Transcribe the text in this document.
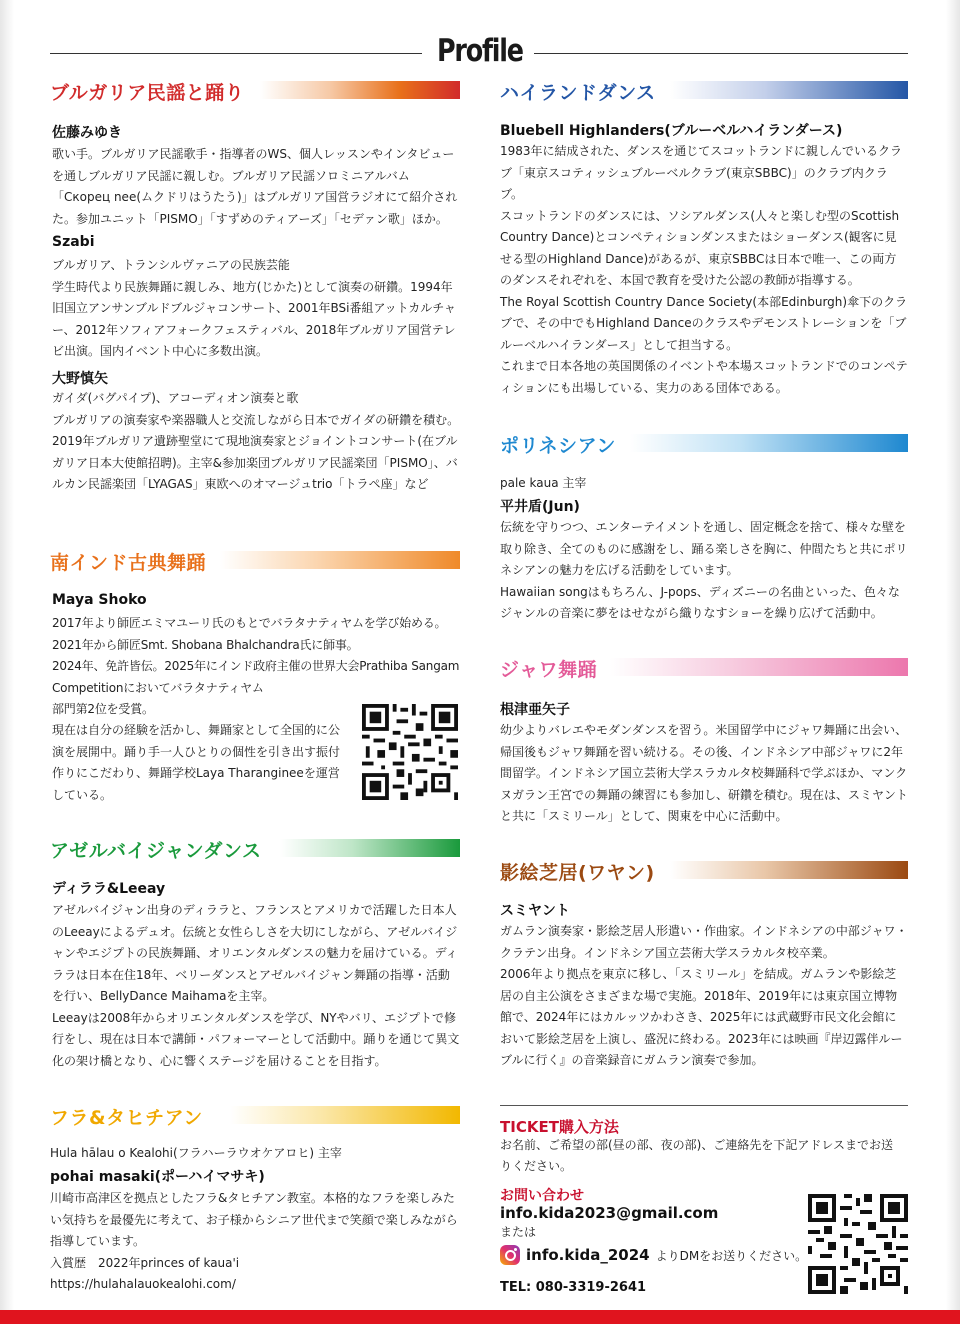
Profile
ブルガリア民謡と踊り
佐藤みゆき
歌い手。ブルガリア民謡歌手・指導者のWS、個人レッスンやインタビューを通しブルガリア民謡に親しむ。ブルガリア民謡ソロミニアルバム「Скорец nee(ムクドリはうたう)」はブルガリア国営ラジオにて紹介された。参加ユニット「PISMO」「すずめのティアーズ」「セデァン歌」ほか。
Szabi
ブルガリア、トランシルヴァニアの民族芸能
学生時代より民族舞踊に親しみ、地方(じかた)として演奏の研鑽。1994年旧国立アンサンブルドブルジャコンサート、2001年BSi番組アットカルチャー、2012年ソフィアフォークフェスティバル、2018年ブルガリア国営テレビ出演。国内イベント中心に多数出演。
大野慎矢
ガイダ(バグパイプ)、アコーディオン演奏と歌
ブルガリアの演奏家や楽器職人と交流しながら日本でガイダの研鑽を積む。2019年ブルガリア遺跡聖堂にて現地演奏家とジョイントコンサート(在ブルガリア日本大使館招聘)。主宰&参加楽団ブルガリア民謡楽団「PISMO」、バルカン民謡楽団「LYAGAS」東欧へのオマージュtrio「トラペ座」など
南インド古典舞踊
Maya Shoko
2017年より師匠エミマユーリ氏のもとでバラタナティヤムを学び始める。
2021年から師匠Smt. Shobana Bhalchandra氏に師事。
2024年、免許皆伝。2025年にインド政府主催の世界大会Prathiba Sangam Competitionにおいてバラタナティヤム
部門第2位を受賞。
現在は自分の経験を活かし、舞踊家として全国的に公演を展開中。踊り手一人ひとりの個性を引き出す振付作りにこだわり、舞踊学校Laya Tharangineeを運営している。
アゼルバイジャンダンス
ディララ&Leeay
アゼルバイジャン出身のディララと、フランスとアメリカで活躍した日本人のLeeayによるデュオ。伝統と女性らしさを大切にしながら、アゼルバイジャンやエジプトの民族舞踊、オリエンタルダンスの魅力を届けている。ディララは日本在住18年、ベリーダンスとアゼルバイジャン舞踊の指導・活動を行い、BellyDance Maihamaを主宰。
Leeayは2008年からオリエンタルダンスを学び、NYやバリ、エジプトで修行をし、現在は日本で講師・パフォーマーとして活動中。踊りを通じて異文化の架け橋となり、心に響くステージを届けることを目指す。
フラ&タヒチアン
Hula hālau o Kealohi(フラハーラウオケアロヒ) 主宰
pohai masaki(ポーハイマサキ)
川崎市高津区を拠点としたフラ&タヒチアン教室。本格的なフラを楽しみたい気持ちを最優先に考えて、お子様からシニア世代まで笑顔で楽しみながら指導しています。
入賞歴　2022年princes of kaua'i
https://hulahalauokealohi.com/
ハイランドダンス
Bluebell Highlanders(ブルーベルハイランダース)
1983年に結成された、ダンスを通じてスコットランドに親しんでいるクラブ「東京スコティッシュブルーベルクラブ(東京SBBC)」のクラブ内クラブ。
スコットランドのダンスには、ソシアルダンス(人々と楽しむ型のScottish Country Dance)とコンペティションダンスまたはショーダンス(観客に見せる型のHighland Dance)があるが、東京SBBCは日本で唯一、この両方のダンスそれぞれを、本国で教育を受けた公認の教師が指導する。
The Royal Scottish Country Dance Society(本部Edinburgh)傘下のクラブで、その中でもHighland Danceのクラスやデモンストレーションを「ブルーベルハイランダース」として担当する。
これまで日本各地の英国関係のイベントや本場スコットランドでのコンペティションにも出場している、実力のある団体である。
ポリネシアン
pale kaua 主宰
平井盾(Jun)
伝統を守りつつ、エンターテイメントを通し、固定概念を捨て、様々な壁を取り除き、全てのものに感謝をし、踊る楽しさを胸に、仲間たちと共にポリネシアンの魅力を広げる活動をしています。
Hawaiian songはもちろん、J-pops、ディズニーの名曲といった、色々なジャンルの音楽に夢をはせながら織りなすショーを繰り広げて活動中。
ジャワ舞踊
根津亜矢子
幼少よりバレエやモダンダンスを習う。米国留学中にジャワ舞踊に出会い、帰国後もジャワ舞踊を習い続ける。その後、インドネシア中部ジャワに2年間留学。インドネシア国立芸術大学スラカルタ校舞踊科で学ぶほか、マンクヌガラン王宮での舞踊の練習にも参加し、研鑽を積む。現在は、スミヤントと共に「スミリール」として、関東を中心に活動中。
影絵芝居(ワヤン)
スミヤント
ガムラン演奏家・影絵芝居人形遣い・作曲家。インドネシアの中部ジャワ・クラテン出身。インドネシア国立芸術大学スラカルタ校卒業。
2006年より拠点を東京に移し、「スミリール」を結成。ガムランや影絵芝居の自主公演をさまざまな場で実施。2018年、2019年には東京国立博物館で、2024年にはカルッツかわさき、2025年には武蔵野市民文化会館において影絵芝居を上演し、盛況に終わる。2023年には映画『岸辺露伴ルーブルに行く』の音楽録音にガムラン演奏で参加。
TICKET購入方法
お名前、ご希望の部(昼の部、夜の部)、ご連絡先を下記アドレスまでお送りください。
お問い合わせ
info.kida2023@gmail.com
または
info.kida_2024 よりDMをお送りください。
TEL: 080-3319-2641
